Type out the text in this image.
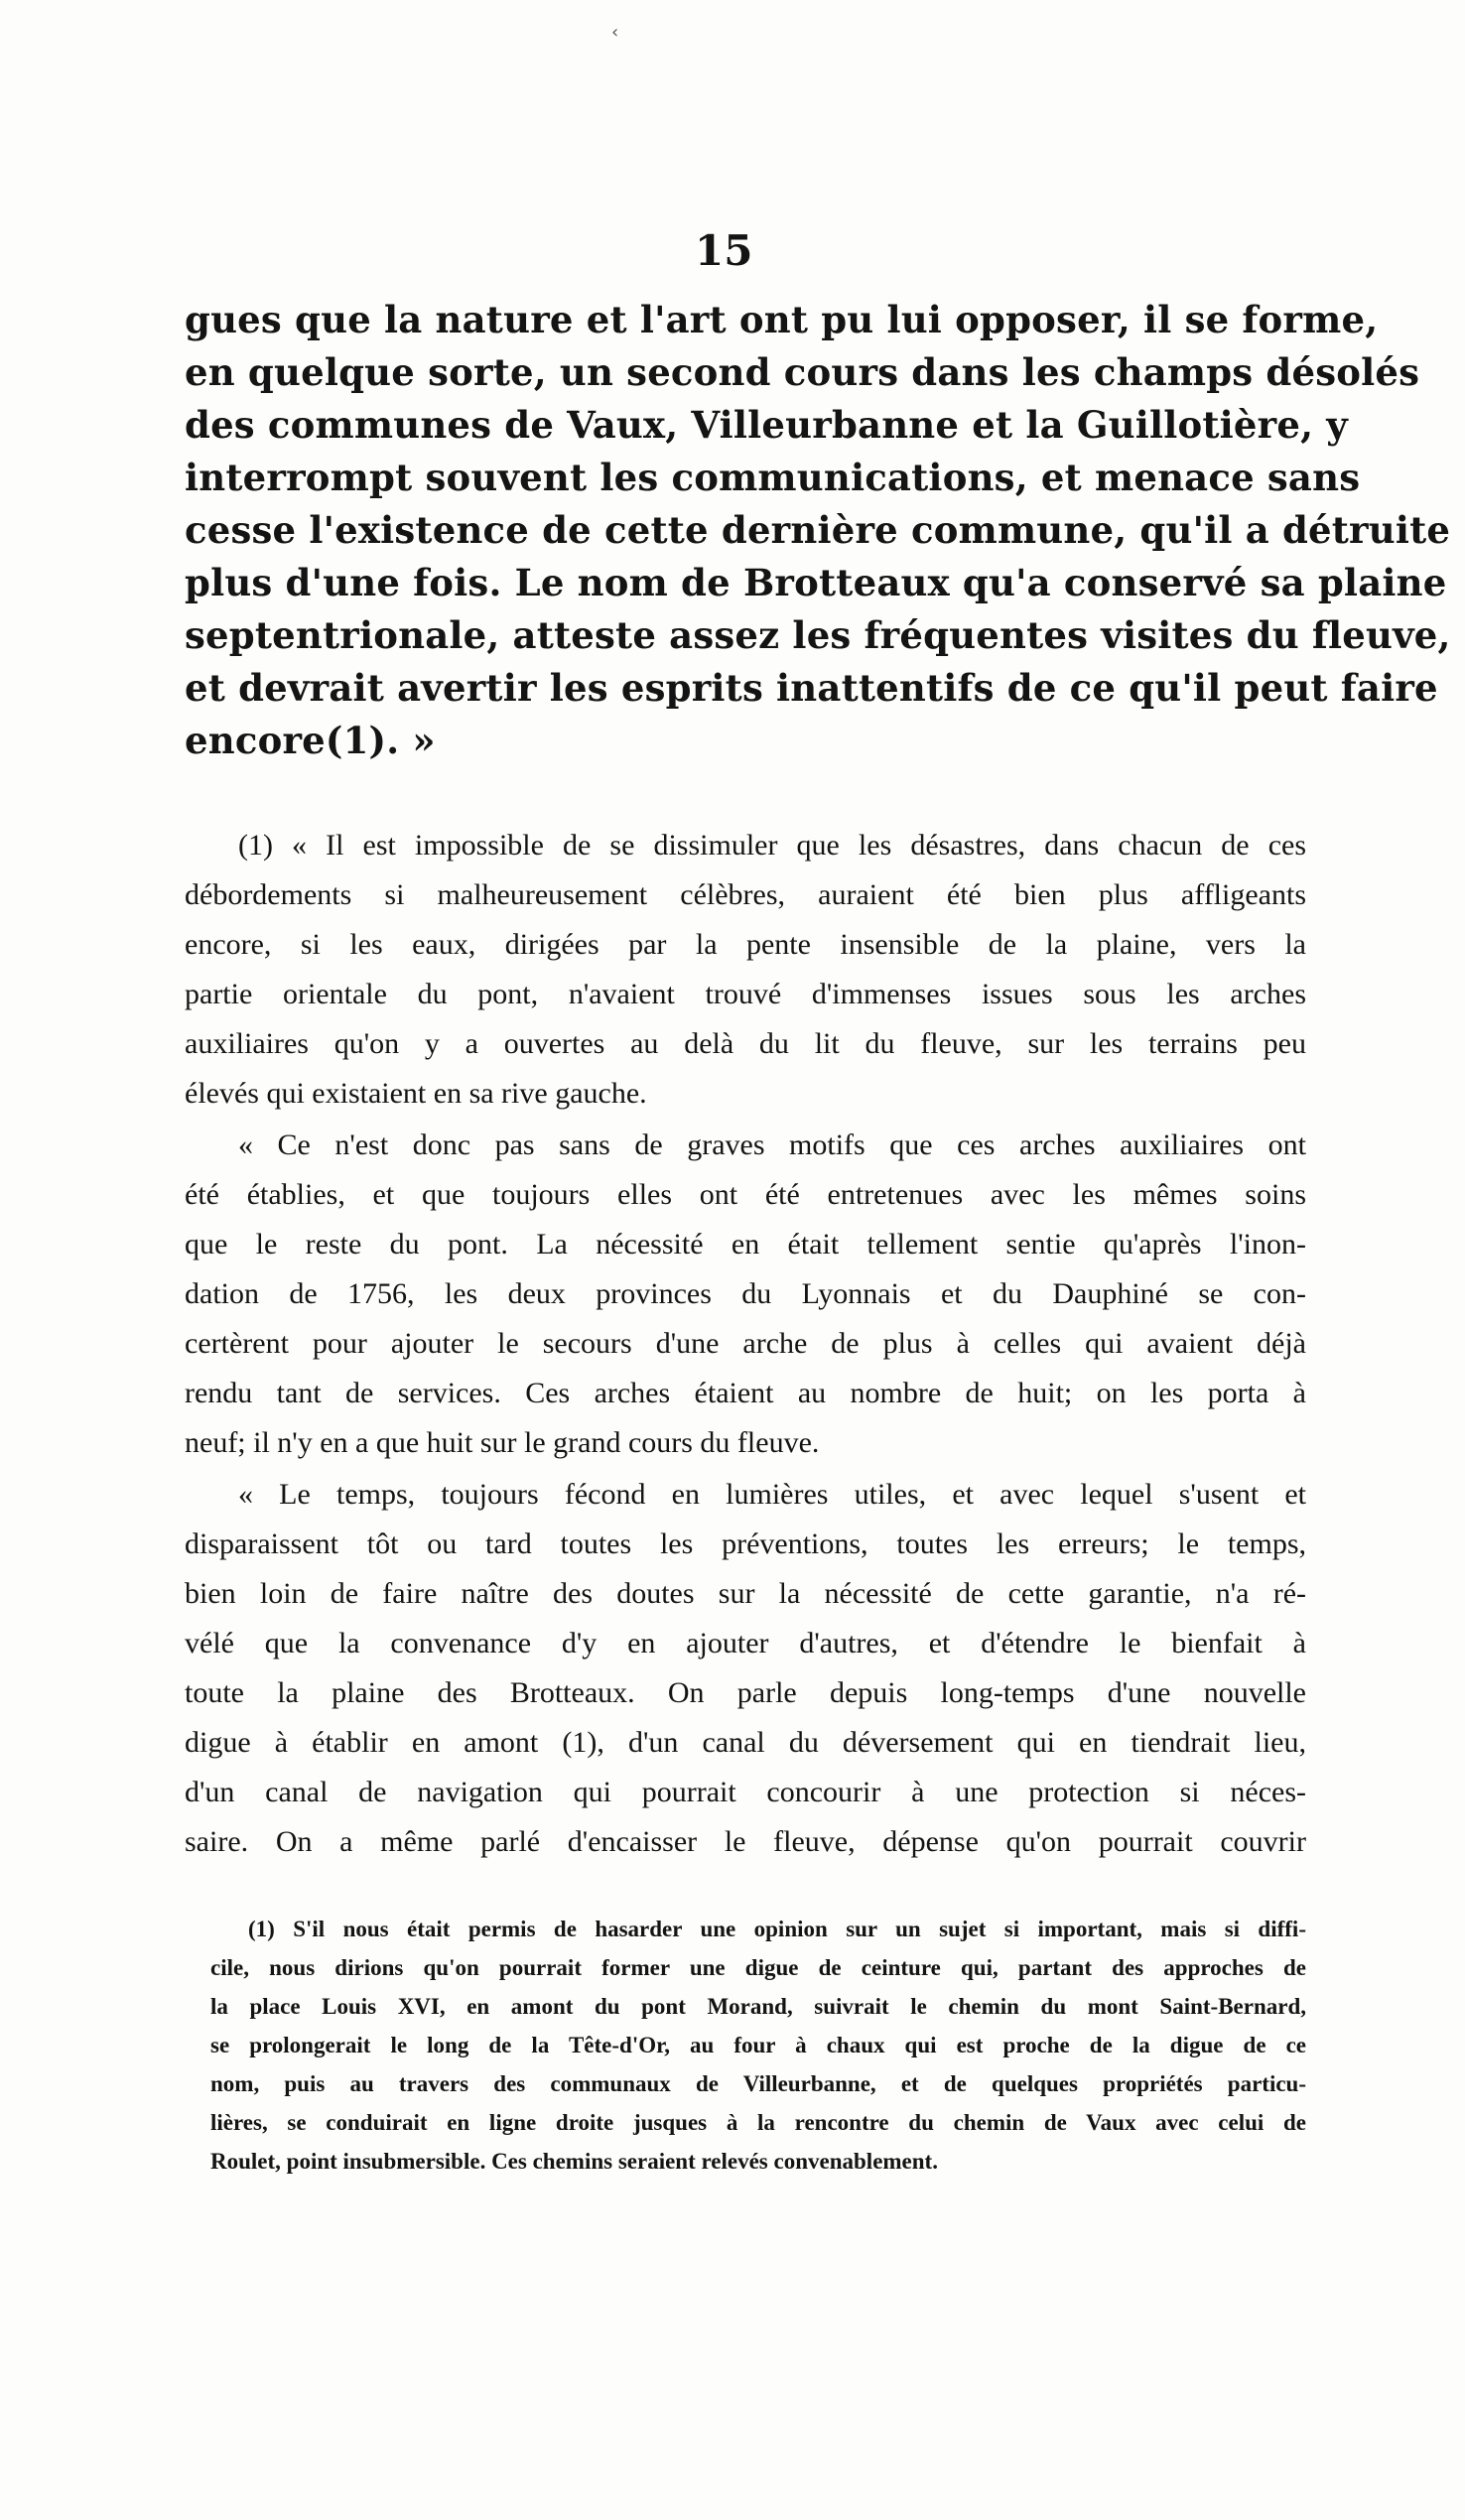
‹
15

gues que la nature et l'art ont pu lui opposer, il se forme,

en quelque sorte, un second cours dans les champs désolés

des communes de Vaux, Villeurbanne et la Guillotière, y

interrompt souvent les communications, et menace sans

cesse l'existence de cette dernière commune, qu'il a détruite

plus d'une fois. Le nom de Brotteaux qu'a conservé sa plaine

septentrionale, atteste assez les fréquentes visites du fleuve,

et devrait avertir les esprits inattentifs de ce qu'il peut faire

encore(1). »

(1) « Il est impossible de se dissimuler que les désastres, dans chacun de ces

débordements si malheureusement célèbres, auraient été bien plus affligeants

encore, si les eaux, dirigées par la pente insensible de la plaine, vers la

partie orientale du pont, n'avaient trouvé d'immenses issues sous les arches

auxiliaires qu'on y a ouvertes au delà du lit du fleuve, sur les terrains peu

élevés qui existaient en sa rive gauche.

« Ce n'est donc pas sans de graves motifs que ces arches auxiliaires ont

été établies, et que toujours elles ont été entretenues avec les mêmes soins

que le reste du pont. La nécessité en était tellement sentie qu'après l'inon-

dation de 1756, les deux provinces du Lyonnais et du Dauphiné se con-

certèrent pour ajouter le secours d'une arche de plus à celles qui avaient déjà

rendu tant de services. Ces arches étaient au nombre de huit; on les porta à

neuf; il n'y en a que huit sur le grand cours du fleuve.

« Le temps, toujours fécond en lumières utiles, et avec lequel s'usent et

disparaissent tôt ou tard toutes les préventions, toutes les erreurs; le temps,

bien loin de faire naître des doutes sur la nécessité de cette garantie, n'a ré-

vélé que la convenance d'y en ajouter d'autres, et d'étendre le bienfait à

toute la plaine des Brotteaux. On parle depuis long-temps d'une nouvelle

digue à établir en amont (1), d'un canal du déversement qui en tiendrait lieu,

d'un canal de navigation qui pourrait concourir à une protection si néces-

saire. On a même parlé d'encaisser le fleuve, dépense qu'on pourrait couvrir

(1) S'il nous était permis de hasarder une opinion sur un sujet si important, mais si diffi-

cile, nous dirions qu'on pourrait former une digue de ceinture qui, partant des approches de

la place Louis XVI, en amont du pont Morand, suivrait le chemin du mont Saint-Bernard,

se prolongerait le long de la Tête-d'Or, au four à chaux qui est proche de la digue de ce

nom, puis au travers des communaux de Villeurbanne, et de quelques propriétés particu-

lières, se conduirait en ligne droite jusques à la rencontre du chemin de Vaux avec celui de

Roulet, point insubmersible. Ces chemins seraient relevés convenablement.
